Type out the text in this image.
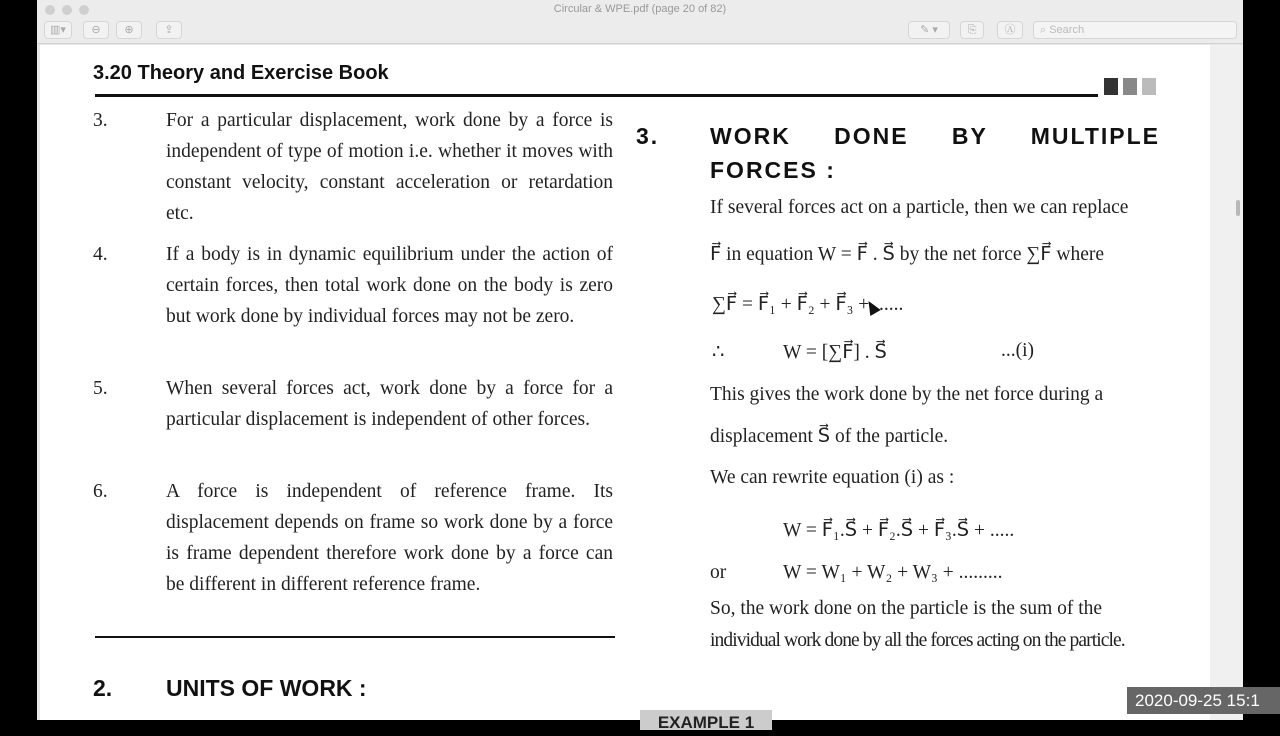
Circular & WPE.pdf (page 20 of 82)
▥▾	⊖	⊕	⇪	✎ ▾	⎘	Ⓐ	⌕ Search
3.20 Theory and Exercise Book
3.	For a particular displacement, work done by a force is independent of type of motion i.e. whether it moves with constant velocity, constant acceleration or retardation etc.
4.	If a body is in dynamic equilibrium under the action of certain forces, then total work done on the body is zero but work done by individual forces may not be zero.
5.	When several forces act, work done by a force for a particular displacement is independent of other forces.
6.	A force is independent of reference frame. Its displacement depends on frame so work done by a force is frame dependent therefore work done by a force can be different in different reference frame.
2. UNITS OF WORK :
3. WORK DONE BY MULTIPLE FORCES :
If several forces act on a particle, then we can replace
F⃗ in equation W = F⃗ . S⃗ by the net force ∑F⃗ where
∑F⃗ = F⃗₁ + F⃗₂ + F⃗₃ + ......
∴	W = [∑F⃗] . S⃗	...(i)
This gives the work done by the net force during a
displacement S⃗ of the particle.
We can rewrite equation (i) as :
W = F⃗₁.S⃗ + F⃗₂.S⃗ + F⃗₃.S⃗ + .....
or	W = W₁ + W₂ + W₃ + .........
So, the work done on the particle is the sum of the
individual work done by all the forces acting on the particle.
EXAMPLE 1
2020-09-25 15:1
